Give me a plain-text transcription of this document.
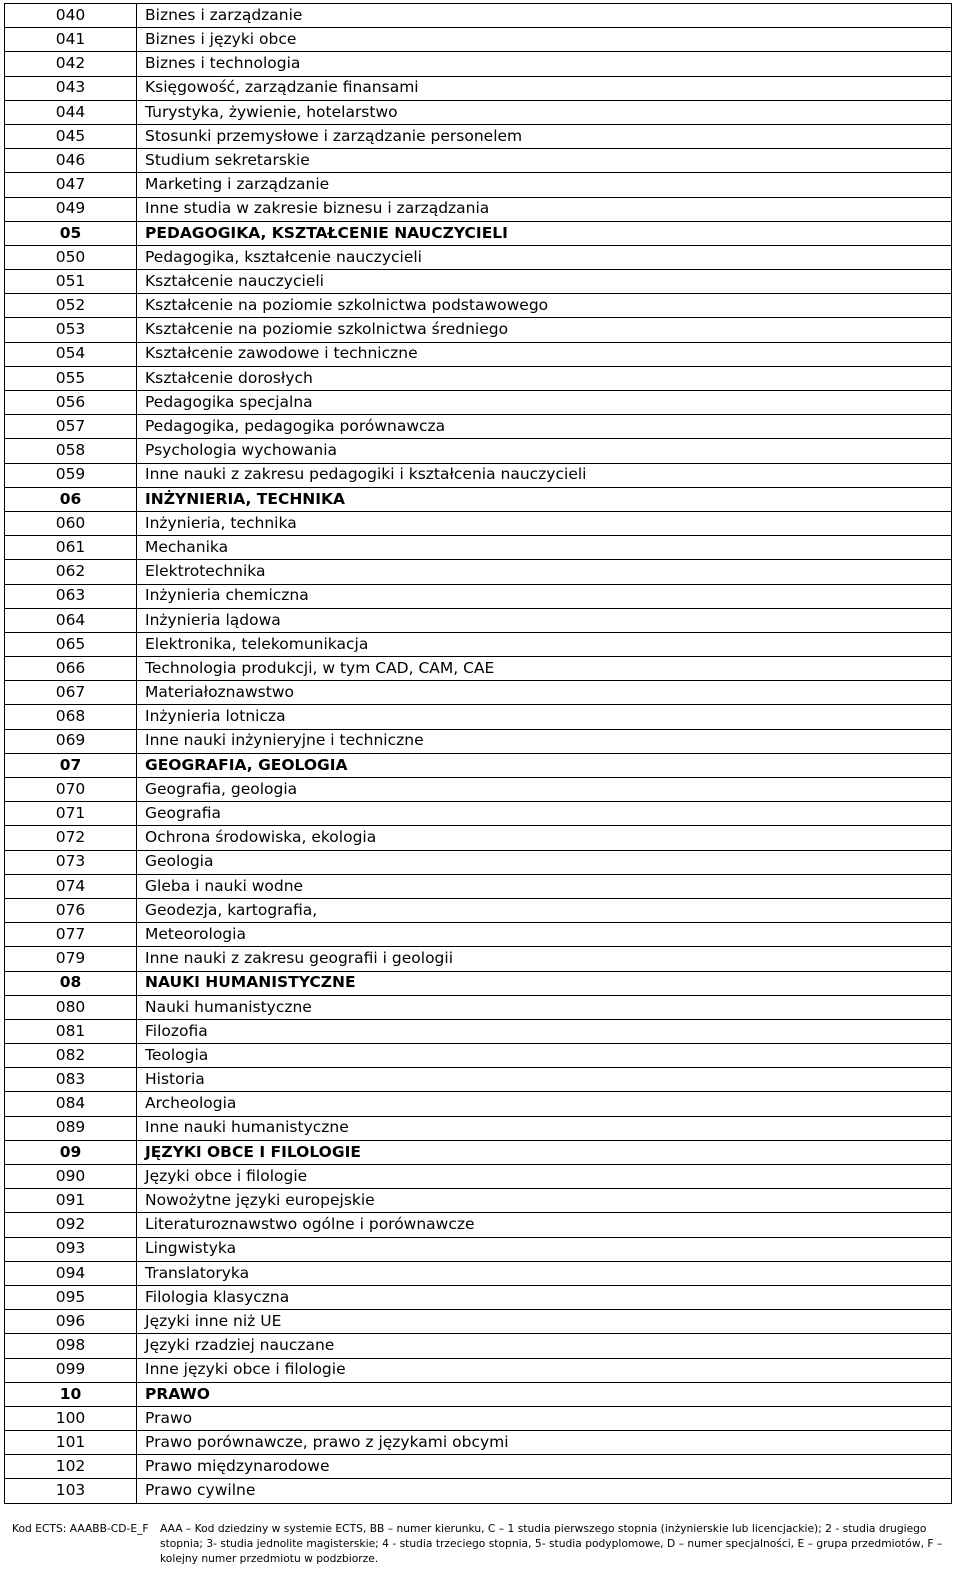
040	Biznes i zarządzanie
041	Biznes i języki obce
042	Biznes i technologia
043	Księgowość, zarządzanie finansami
044	Turystyka, żywienie, hotelarstwo
045	Stosunki przemysłowe i zarządzanie personelem
046	Studium sekretarskie
047	Marketing i zarządzanie
049	Inne studia w zakresie biznesu i zarządzania
05	PEDAGOGIKA, KSZTAŁCENIE NAUCZYCIELI
050	Pedagogika, kształcenie nauczycieli
051	Kształcenie nauczycieli
052	Kształcenie na poziomie szkolnictwa podstawowego
053	Kształcenie na poziomie szkolnictwa średniego
054	Kształcenie zawodowe i techniczne
055	Kształcenie dorosłych
056	Pedagogika specjalna
057	Pedagogika, pedagogika porównawcza
058	Psychologia wychowania
059	Inne nauki z zakresu pedagogiki i kształcenia nauczycieli
06	INŻYNIERIA, TECHNIKA
060	Inżynieria, technika
061	Mechanika
062	Elektrotechnika
063	Inżynieria chemiczna
064	Inżynieria lądowa
065	Elektronika, telekomunikacja
066	Technologia produkcji, w tym CAD, CAM, CAE
067	Materiałoznawstwo
068	Inżynieria lotnicza
069	Inne nauki inżynieryjne i techniczne
07	GEOGRAFIA, GEOLOGIA
070	Geografia, geologia
071	Geografia
072	Ochrona środowiska, ekologia
073	Geologia
074	Gleba i nauki wodne
076	Geodezja, kartografia,
077	Meteorologia
079	Inne nauki z zakresu geografii i geologii
08	NAUKI HUMANISTYCZNE
080	Nauki humanistyczne
081	Filozofia
082	Teologia
083	Historia
084	Archeologia
089	Inne nauki humanistyczne
09	JĘZYKI OBCE I FILOLOGIE
090	Języki obce i filologie
091	Nowożytne języki europejskie
092	Literaturoznawstwo ogólne i porównawcze
093	Lingwistyka
094	Translatoryka
095	Filologia klasyczna
096	Języki inne niż UE
098	Języki rzadziej nauczane
099	Inne języki obce i filologie
10	PRAWO
100	Prawo
101	Prawo porównawcze, prawo z językami obcymi
102	Prawo międzynarodowe
103	Prawo cywilne
Kod ECTS: AAABB-CD-E_F AAA – Kod dziedziny w systemie ECTS, BB – numer kierunku, C – 1 studia pierwszego stopnia (inżynierskie lub licencjackie); 2 - studia drugiego stopnia; 3- studia jednolite magisterskie; 4 - studia trzeciego stopnia, 5- studia podyplomowe, D – numer specjalności, E – grupa przedmiotów, F – kolejny numer przedmiotu w podzbiorze.
